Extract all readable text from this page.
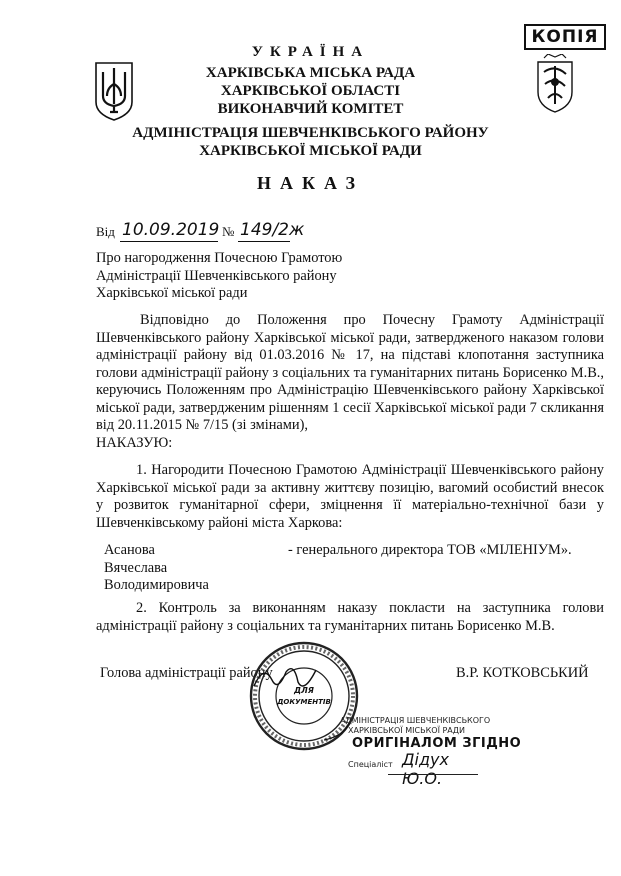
КОПІЯ
УКРАЇНА
ХАРКІВСЬКА МІСЬКА РАДА
ХАРКІВСЬКОЇ ОБЛАСТІ
ВИКОНАВЧИЙ КОМІТЕТ
АДМІНІСТРАЦІЯ ШЕВЧЕНКІВСЬКОГО РАЙОНУ
ХАРКІВСЬКОЇ МІСЬКОЇ РАДИ
НАКАЗ
Від 10.09.2019 № 149/2ж
Про нагородження Почесною Грамотою
Адміністрації Шевченківського району
Харківської міської ради
Відповідно до Положення про Почесну Грамоту Адміністрації Шевченківського району Харківської міської ради, затвердженого наказом голови адміністрації району від 01.03.2016 № 17, на підставі клопотання заступника голови адміністрації району з соціальних та гуманітарних питань Борисенко М.В., керуючись Положенням про Адміністрацію Шевченківського району Харківської міської ради, затвердженим рішенням 1 сесії Харківської міської ради 7 скликання від 20.11.2015 № 7/15 (зі змінами),
НАКАЗУЮ:
1. Нагородити Почесною Грамотою Адміністрації Шевченківського району Харківської міської ради за активну життєву позицію, вагомий особистий внесок у розвиток гуманітарної сфери, зміцнення її матеріально-технічної бази у Шевченківському районі міста Харкова:
Асанова
Вячеслава
Володимировича
- генерального директора ТОВ «МІЛЕНІУМ».
2. Контроль за виконанням наказу покласти на заступника голови адміністрації району з соціальних та гуманітарних питань Борисенко М.В.
Голова адміністрації району	В.Р. КОТКОВСЬКИЙ
ДЛЯ
ДОКУМЕНТІВ
АДМІНІСТРАЦІЯ ШЕВЧЕНКІВСЬКОГО
ХАРКІВСЬКОЇ МІСЬКОЇ РАДИ
ОРИГІНАЛОМ ЗГІДНО
Спеціаліст Дідух Ю.О.
